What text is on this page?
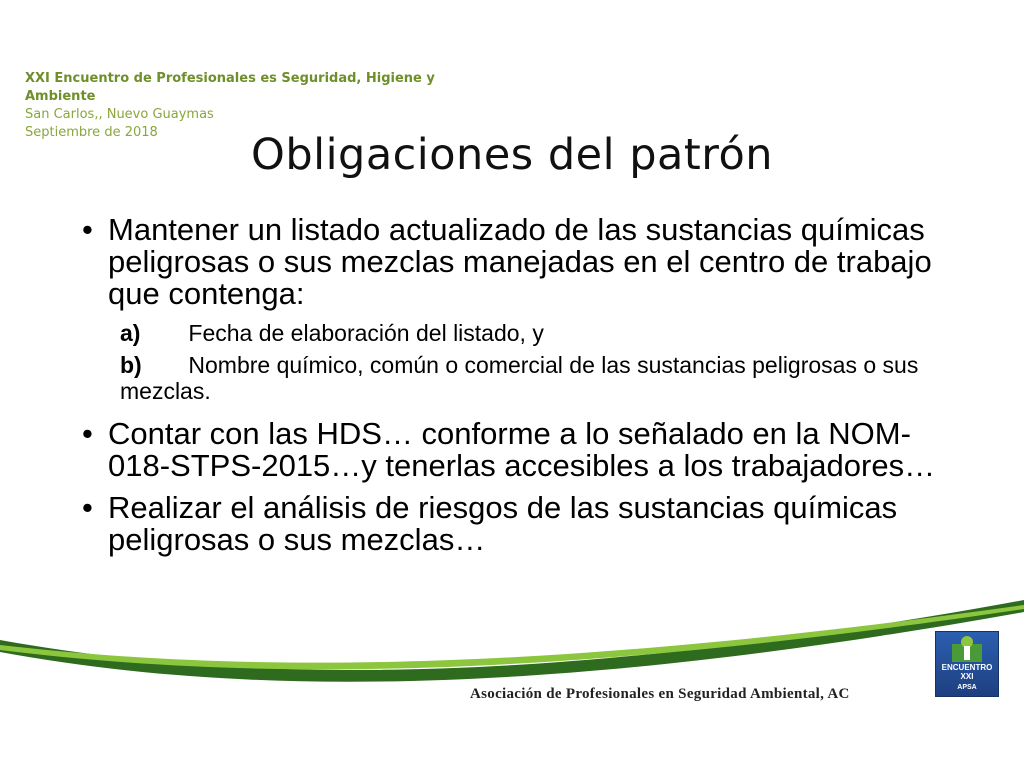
XXI Encuentro de Profesionales es Seguridad, Higiene y
Ambiente
San Carlos,, Nuevo Guaymas
Septiembre de 2018	Obligaciones del patrón
• Mantener un listado actualizado de las sustancias químicas peligrosas o sus mezclas manejadas en el centro de trabajo que contenga:
a) Fecha de elaboración del listado, y
b) Nombre químico, común o comercial de las sustancias peligrosas o sus mezclas.
• Contar con las HDS… conforme a lo señalado en la NOM-018-STPS-2015…y tenerlas accesibles a los trabajadores…
• Realizar el análisis de riesgos de las sustancias químicas peligrosas o sus mezclas…
Asociación de Profesionales en Seguridad Ambiental, AC
ENCUENTRO XXI
APSA
